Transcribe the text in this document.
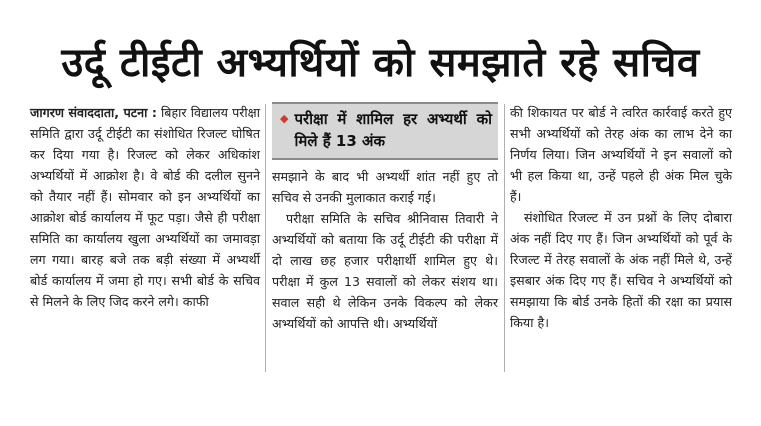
उर्दू टीईटी अभ्यर्थियों को समझाते रहे सचिव

जागरण संवाददाता, पटना : बिहार विद्यालय परीक्षा समिति द्वारा उर्दू टीईटी का संशोधित रिजल्ट घोषित कर दिया गया है। रिजल्ट को लेकर अधिकांश अभ्यर्थियों में आक्रोश है। वे बोर्ड की दलील सुनने को तैयार नहीं हैं। सोमवार को इन अभ्यर्थियों का आक्रोश बोर्ड कार्यालय में फूट पड़ा। जैसे ही परीक्षा समिति का कार्यालय खुला अभ्यर्थियों का जमावड़ा लग गया। बारह बजे तक बड़ी संख्या में अभ्यर्थी बोर्ड कार्यालय में जमा हो गए। सभी बोर्ड के सचिव से मिलने के लिए जिद करने लगे। काफी

◆ परीक्षा में शामिल हर अभ्यर्थी को मिले हैं 13 अंक

समझाने के बाद भी अभ्यर्थी शांत नहीं हुए तो सचिव से उनकी मुलाकात कराई गई।

परीक्षा समिति के सचिव श्रीनिवास तिवारी ने अभ्यर्थियों को बताया कि उर्दू टीईटी की परीक्षा में दो लाख छह हजार परीक्षार्थी शामिल हुए थे। परीक्षा में कुल 13 सवालों को लेकर संशय था। सवाल सही थे लेकिन उनके विकल्प को लेकर अभ्यर्थियों को आपत्ति थी। अभ्यर्थियों

की शिकायत पर बोर्ड ने त्वरित कार्रवाई करते हुए सभी अभ्यर्थियों को तेरह अंक का लाभ देने का निर्णय लिया। जिन अभ्यर्थियों ने इन सवालों को भी हल किया था, उन्हें पहले ही अंक मिल चुके हैं।

संशोधित रिजल्ट में उन प्रश्नों के लिए दोबारा अंक नहीं दिए गए हैं। जिन अभ्यर्थियों को पूर्व के रिजल्ट में तेरह सवालों के अंक नहीं मिले थे, उन्हें इसबार अंक दिए गए हैं। सचिव ने अभ्यर्थियों को समझाया कि बोर्ड उनके हितों की रक्षा का प्रयास किया है।
